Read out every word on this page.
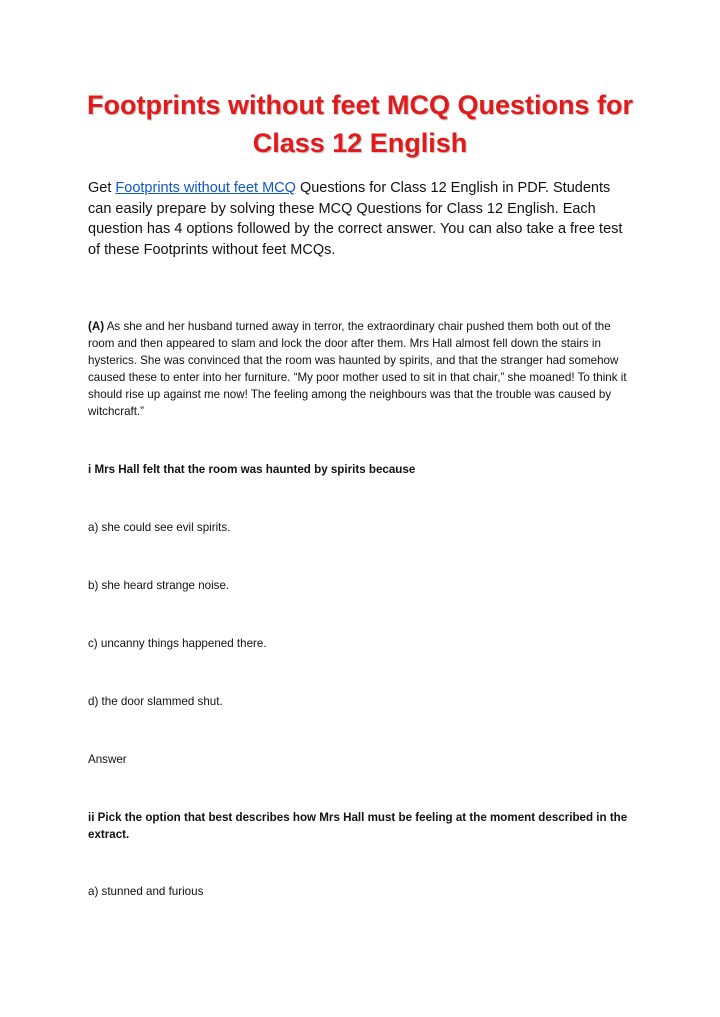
Footprints without feet MCQ Questions for Class 12 English

Get Footprints without feet MCQ Questions for Class 12 English in PDF. Students can easily prepare by solving these MCQ Questions for Class 12 English. Each question has 4 options followed by the correct answer. You can also take a free test of these Footprints without feet MCQs.

(A) As she and her husband turned away in terror, the extraordinary chair pushed them both out of the room and then appeared to slam and lock the door after them. Mrs Hall almost fell down the stairs in hysterics. She was convinced that the room was haunted by spirits, and that the stranger had somehow caused these to enter into her furniture. “My poor mother used to sit in that chair,” she moaned! To think it should rise up against me now! The feeling among the neighbours was that the trouble was caused by witchcraft.”

i Mrs Hall felt that the room was haunted by spirits because

a) she could see evil spirits.

b) she heard strange noise.

c) uncanny things happened there.

d) the door slammed shut.

Answer

ii Pick the option that best describes how Mrs Hall must be feeling at the moment described in the extract.

a) stunned and furious
